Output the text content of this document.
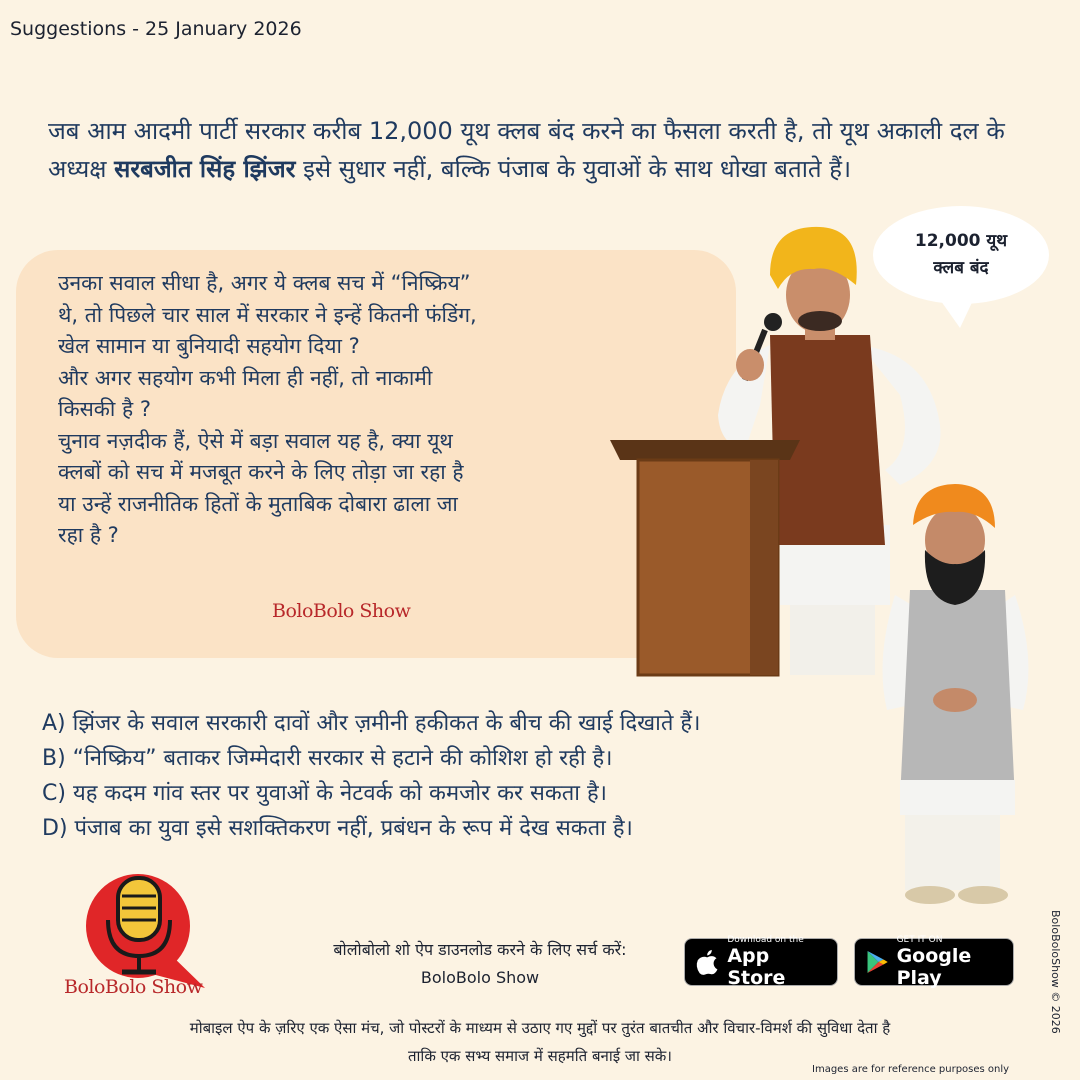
Suggestions - 25 January 2026
जब आम आदमी पार्टी सरकार करीब 12,000 यूथ क्लब बंद करने का फैसला करती है, तो यूथ अकाली दल के अध्यक्ष सरबजीत सिंह झिंजर इसे सुधार नहीं, बल्कि पंजाब के युवाओं के साथ धोखा बताते हैं।
उनका सवाल सीधा है, अगर ये क्लब सच में “निष्क्रिय”
थे, तो पिछले चार साल में सरकार ने इन्हें कितनी फंडिंग,
खेल सामान या बुनियादी सहयोग दिया ?
और अगर सहयोग कभी मिला ही नहीं, तो नाकामी
किसकी है ?
चुनाव नज़दीक हैं, ऐसे में बड़ा सवाल यह है, क्या यूथ
क्लबों को सच में मजबूत करने के लिए तोड़ा जा रहा है
या उन्हें राजनीतिक हितों के मुताबिक दोबारा ढाला जा
रहा है ?
BoloBolo Show
12,000 यूथ
क्लब बंद
A) झिंजर के सवाल सरकारी दावों और ज़मीनी हकीकत के बीच की खाई दिखाते हैं।
B) “निष्क्रिय” बताकर जिम्मेदारी सरकार से हटाने की कोशिश हो रही है।
C) यह कदम गांव स्तर पर युवाओं के नेटवर्क को कमजोर कर सकता है।
D) पंजाब का युवा इसे सशक्तिकरण नहीं, प्रबंधन के रूप में देख सकता है।
BoloBolo Show
बोलोबोलो शो ऐप डाउनलोड करने के लिए सर्च करें:
BoloBolo Show
Download on the
App Store
GET IT ON
Google Play
मोबाइल ऐप के ज़रिए एक ऐसा मंच, जो पोस्टरों के माध्यम से उठाए गए मुद्दों पर तुरंत बातचीत और विचार-विमर्श की सुविधा देता है
ताकि एक सभ्य समाज में सहमति बनाई जा सके।
BoloBoloShow © 2026
Images are for reference purposes only
